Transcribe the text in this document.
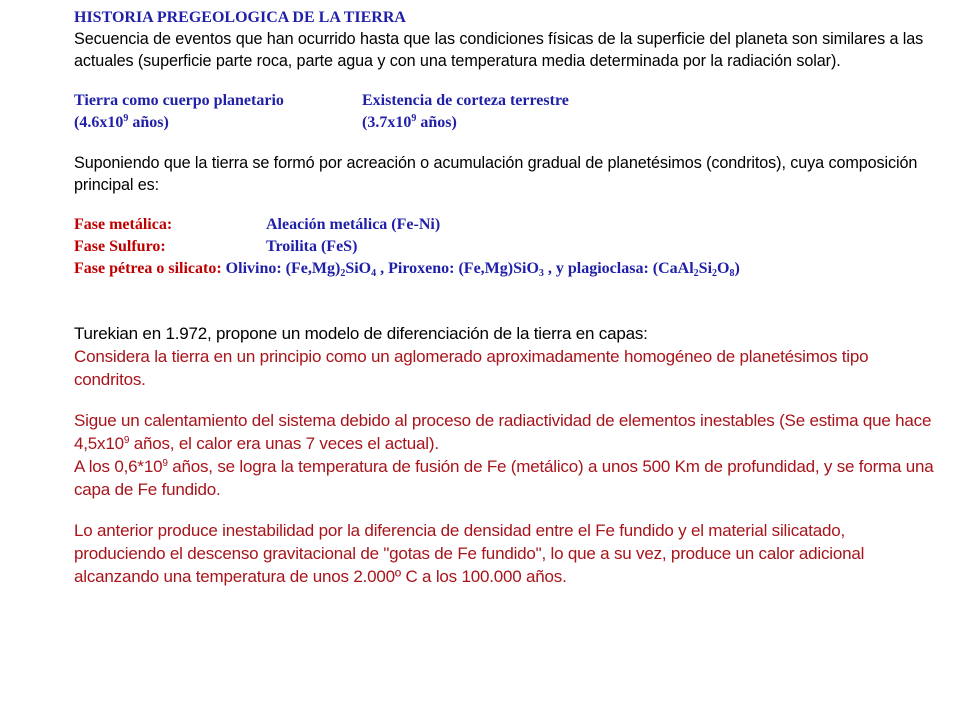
HISTORIA PREGEOLOGICA DE LA TIERRA
Secuencia de eventos que han ocurrido hasta que las condiciones físicas de la superficie del planeta son similares a las actuales (superficie parte roca, parte agua y con una temperatura media determinada por la radiación solar).
Tierra como cuerpo planetario	Existencia de corteza terrestre
($4.6x10^9$ años)	($3.7x10^9$ años)
Suponiendo que la tierra se formó por acreación o acumulación gradual de planetésimos (condritos), cuya composición principal es:
Fase metálica:	Aleación metálica (Fe-Ni)
Fase Sulfuro:	Troilita (FeS)
Fase pétrea o silicato: Olivino: $(Fe,Mg)_2SiO_4$ , Piroxeno: (Fe,Mg)SiO$_3$ , y plagioclasa: $(CaAl_2Si_2O_8)$
Turekian en 1.972, propone un modelo de diferenciación de la tierra en capas:
Considera la tierra en un principio como un aglomerado aproximadamente homogéneo de planetésimos tipo condritos.
Sigue un calentamiento del sistema debido al proceso de radiactividad de elementos inestables (Se estima que hace $4,5x10^9$ años, el calor era unas 7 veces el actual).
A los $0,6*10^9$ años, se logra la temperatura de fusión de Fe (metálico) a unos 500 Km de profundidad, y se forma una capa de Fe fundido.
Lo anterior produce inestabilidad por la diferencia de densidad entre el Fe fundido y el material silicatado, produciendo el descenso gravitacional de "gotas de Fe fundido", lo que a su vez, produce un calor adicional alcanzando una temperatura de unos 2.000º C a los 100.000 años.
